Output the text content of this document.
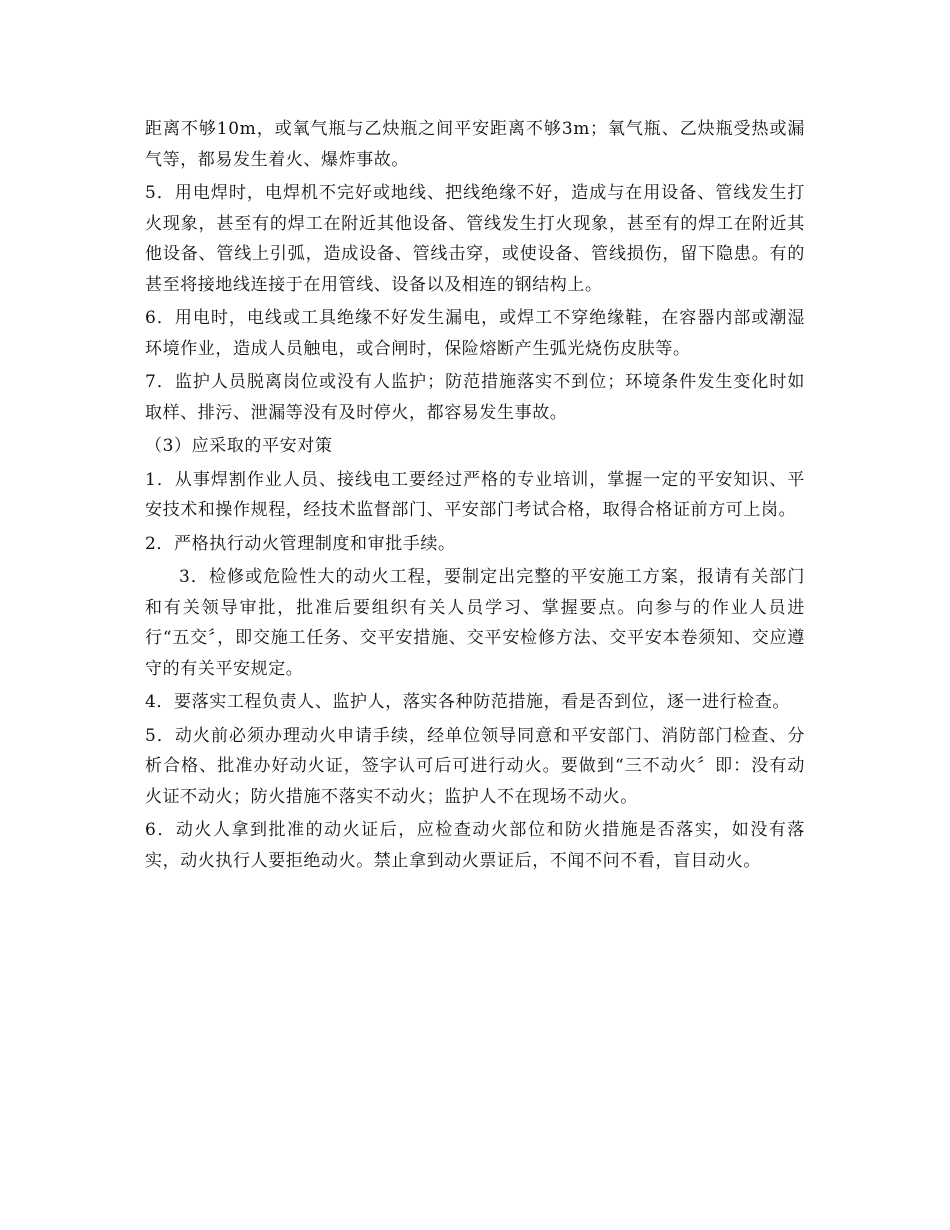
距离不够10m，或氧气瓶与乙炔瓶之间平安距离不够3m；氧气瓶、乙炔瓶受热或漏气等，都易发生着火、爆炸事故。

5．用电焊时，电焊机不完好或地线、把线绝缘不好，造成与在用设备、管线发生打火现象，甚至有的焊工在附近其他设备、管线发生打火现象，甚至有的焊工在附近其他设备、管线上引弧，造成设备、管线击穿，或使设备、管线损伤，留下隐患。有的甚至将接地线连接于在用管线、设备以及相连的钢结构上。

6．用电时，电线或工具绝缘不好发生漏电，或焊工不穿绝缘鞋，在容器内部或潮湿环境作业，造成人员触电，或合闸时，保险熔断产生弧光烧伤皮肤等。

7．监护人员脱离岗位或没有人监护；防范措施落实不到位；环境条件发生变化时如取样、排污、泄漏等没有及时停火，都容易发生事故。

（3）应采取的平安对策

1．从事焊割作业人员、接线电工要经过严格的专业培训，掌握一定的平安知识、平安技术和操作规程，经技术监督部门、平安部门考试合格，取得合格证前方可上岗。

2．严格执行动火管理制度和审批手续。

3．检修或危险性大的动火工程，要制定出完整的平安施工方案，报请有关部门和有关领导审批，批准后要组织有关人员学习、掌握要点。向参与的作业人员进行“五交〞，即交施工任务、交平安措施、交平安检修方法、交平安本卷须知、交应遵守的有关平安规定。

4．要落实工程负责人、监护人，落实各种防范措施，看是否到位，逐一进行检查。

5．动火前必须办理动火申请手续，经单位领导同意和平安部门、消防部门检查、分析合格、批准办好动火证，签字认可后可进行动火。要做到“三不动火〞即：没有动火证不动火；防火措施不落实不动火；监护人不在现场不动火。

6．动火人拿到批准的动火证后，应检查动火部位和防火措施是否落实，如没有落实，动火执行人要拒绝动火。禁止拿到动火票证后，不闻不问不看，盲目动火。
